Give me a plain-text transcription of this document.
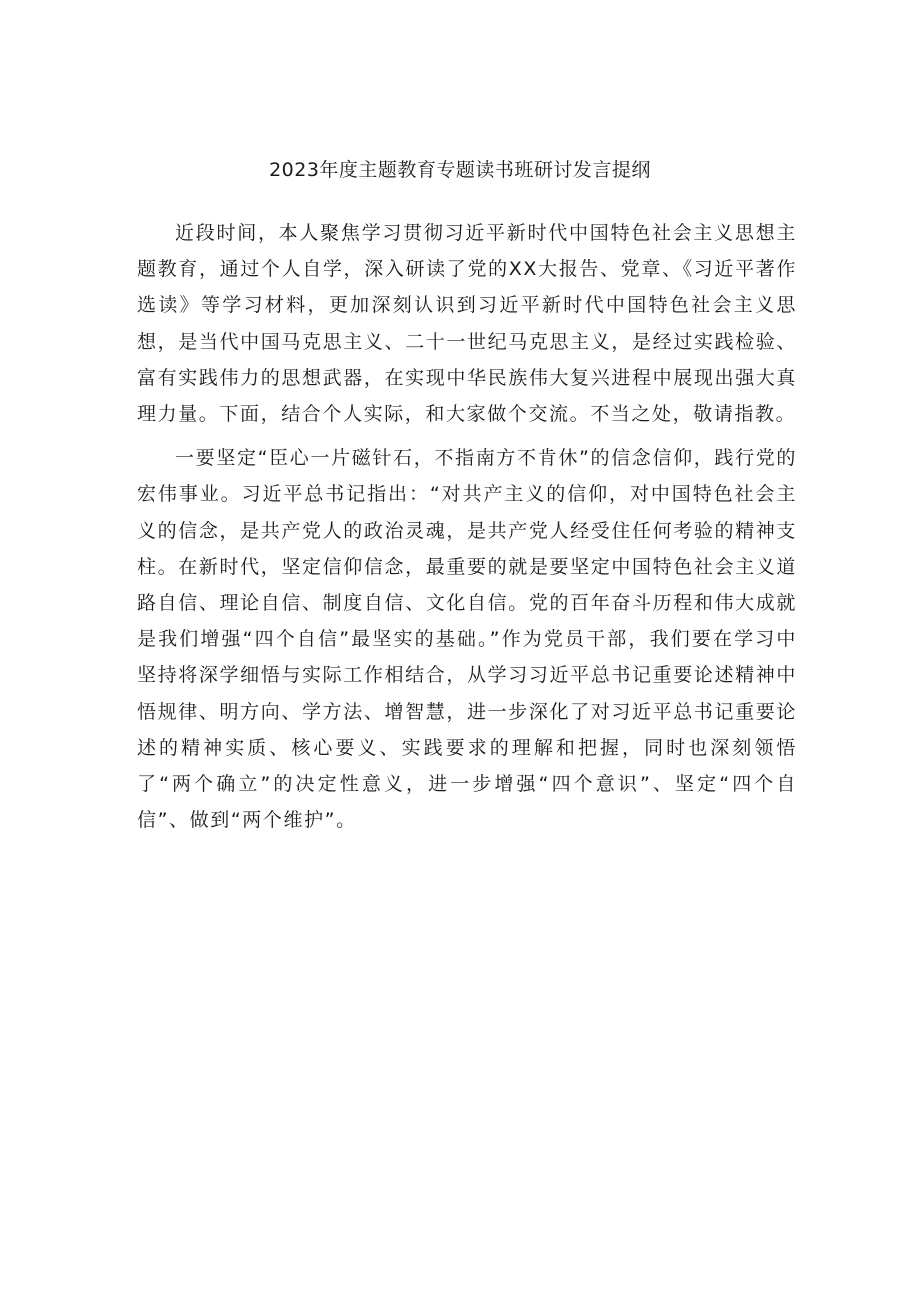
2023年度主题教育专题读书班研讨发言提纲

近段时间，本人聚焦学习贯彻习近平新时代中国特色社会主义思想主题教育，通过个人自学，深入研读了党的XX大报告、党章、《习近平著作选读》等学习材料，更加深刻认识到习近平新时代中国特色社会主义思想，是当代中国马克思主义、二十一世纪马克思主义，是经过实践检验、富有实践伟力的思想武器，在实现中华民族伟大复兴进程中展现出强大真理力量。下面，结合个人实际，和大家做个交流。不当之处，敬请指教。

一要坚定“臣心一片磁针石，不指南方不肯休”的信念信仰，践行党的宏伟事业。习近平总书记指出：“对共产主义的信仰，对中国特色社会主义的信念，是共产党人的政治灵魂，是共产党人经受住任何考验的精神支柱。在新时代，坚定信仰信念，最重要的就是要坚定中国特色社会主义道路自信、理论自信、制度自信、文化自信。党的百年奋斗历程和伟大成就是我们增强“四个自信”最坚实的基础。”作为党员干部，我们要在学习中坚持将深学细悟与实际工作相结合，从学习习近平总书记重要论述精神中悟规律、明方向、学方法、增智慧，进一步深化了对习近平总书记重要论述的精神实质、核心要义、实践要求的理解和把握，同时也深刻领悟了“两个确立”的决定性意义，进一步增强“四个意识”、坚定“四个自信”、做到“两个维护”。
